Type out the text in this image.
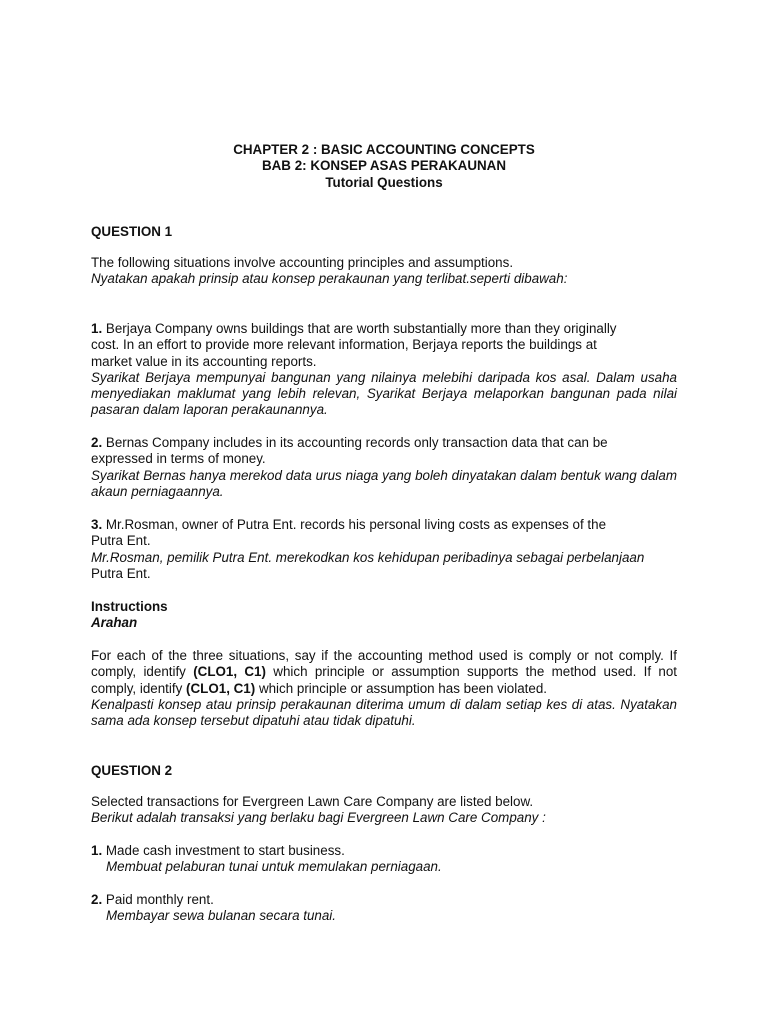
CHAPTER 2 : BASIC ACCOUNTING CONCEPTS

BAB 2: KONSEP ASAS PERAKAUNAN

Tutorial Questions

QUESTION 1

The following situations involve accounting principles and assumptions.

Nyatakan apakah prinsip atau konsep perakaunan yang terlibat.seperti dibawah:

1. Berjaya Company owns buildings that are worth substantially more than they originally

cost. In an effort to provide more relevant information, Berjaya reports the buildings at

market value in its accounting reports.

Syarikat Berjaya mempunyai bangunan yang nilainya melebihi daripada kos asal. Dalam usaha menyediakan maklumat yang lebih relevan, Syarikat Berjaya melaporkan bangunan pada nilai pasaran dalam laporan perakaunannya.

2. Bernas Company includes in its accounting records only transaction data that can be

expressed in terms of money.

Syarikat Bernas hanya merekod data urus niaga yang boleh dinyatakan dalam bentuk wang dalam akaun perniagaannya.

3. Mr.Rosman, owner of Putra Ent. records his personal living costs as expenses of the

Putra Ent.

Mr.Rosman, pemilik Putra Ent. merekodkan kos kehidupan peribadinya sebagai perbelanjaan

Putra Ent.

Instructions

Arahan

For each of the three situations, say if the accounting method used is comply or not comply. If comply, identify (CLO1, C1) which principle or assumption supports the method used. If not comply, identify (CLO1, C1) which principle or assumption has been violated.

Kenalpasti konsep atau prinsip perakaunan diterima umum di dalam setiap kes di atas. Nyatakan sama ada konsep tersebut dipatuhi atau tidak dipatuhi.

QUESTION 2

Selected transactions for Evergreen Lawn Care Company are listed below.

Berikut adalah transaksi yang berlaku bagi Evergreen Lawn Care Company :

1. Made cash investment to start business.

Membuat pelaburan tunai untuk memulakan perniagaan.

2. Paid monthly rent.

Membayar sewa bulanan secara tunai.
